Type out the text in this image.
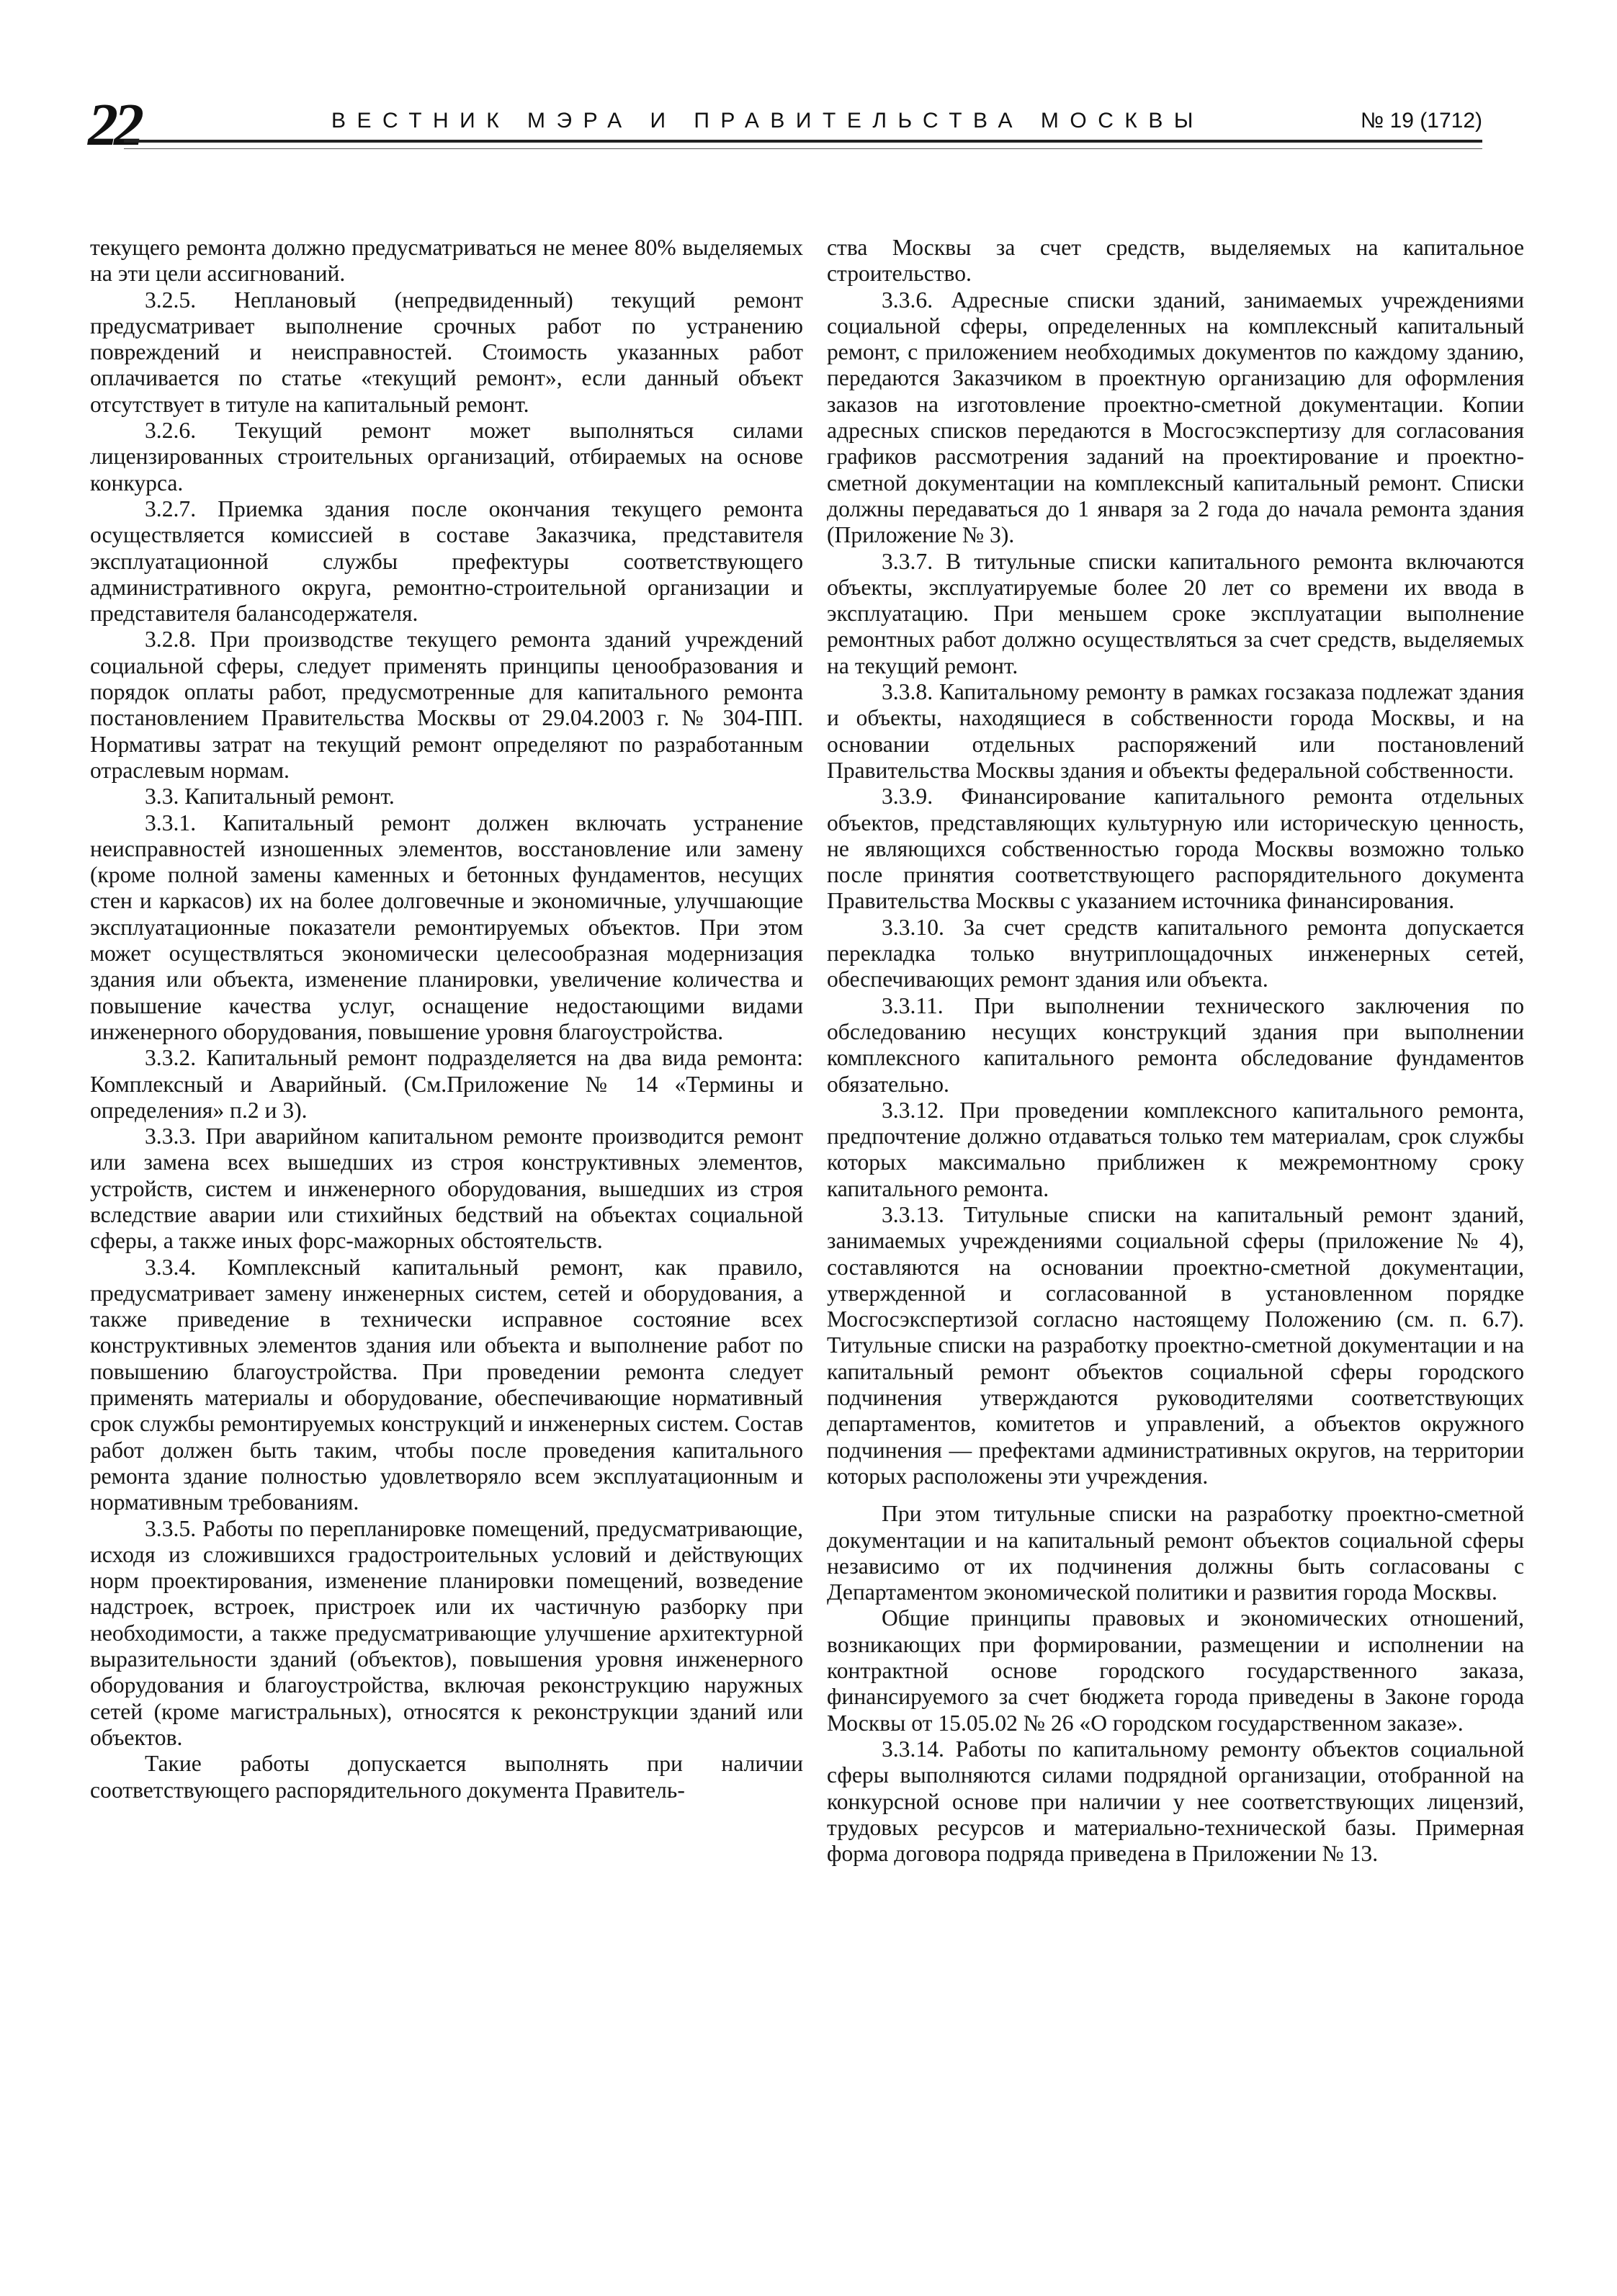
22	ВЕСТНИК МЭРА И ПРАВИТЕЛЬСТВА МОСКВЫ	№ 19 (1712)

текущего ремонта должно предусматриваться не менее 80% выделяемых на эти цели ассигнований.

3.2.5. Неплановый (непредвиденный) текущий ремонт предусматривает выполнение срочных работ по устранению повреждений и неисправностей. Стоимость указанных работ оплачивается по статье «текущий ремонт», если данный объект отсутствует в титуле на капитальный ремонт.

3.2.6. Текущий ремонт может выполняться силами лицензированных строительных организаций, отбираемых на основе конкурса.

3.2.7. Приемка здания после окончания текущего ремонта осуществляется комиссией в составе Заказчика, представителя эксплуатационной службы префектуры соответствующего административного округа, ремонтно-строительной организации и представителя балансодержателя.

3.2.8. При производстве текущего ремонта зданий учреждений социальной сферы, следует применять принципы ценообразования и порядок оплаты работ, предусмотренные для капитального ремонта постановлением Правительства Москвы от 29.04.2003 г. № 304-ПП. Нормативы затрат на текущий ремонт определяют по разработанным отраслевым нормам.

3.3. Капитальный ремонт.

3.3.1. Капитальный ремонт должен включать устранение неисправностей изношенных элементов, восстановление или замену (кроме полной замены каменных и бетонных фундаментов, несущих стен и каркасов) их на более долговечные и экономичные, улучшающие эксплуатационные показатели ремонтируемых объектов. При этом может осуществляться экономически целесообразная модернизация здания или объекта, изменение планировки, увеличение количества и повышение качества услуг, оснащение недостающими видами инженерного оборудования, повышение уровня благоустройства.

3.3.2. Капитальный ремонт подразделяется на два вида ремонта: Комплексный и Аварийный. (См.Приложение № 14 «Термины и определения» п.2 и 3).

3.3.3. При аварийном капитальном ремонте производится ремонт или замена всех вышедших из строя конструктивных элементов, устройств, систем и инженерного оборудования, вышедших из строя вследствие аварии или стихийных бедствий на объектах социальной сферы, а также иных форс-мажорных обстоятельств.

3.3.4. Комплексный капитальный ремонт, как правило, предусматривает замену инженерных систем, сетей и оборудования, а также приведение в технически исправное состояние всех конструктивных элементов здания или объекта и выполнение работ по повышению благоустройства. При проведении ремонта следует применять материалы и оборудование, обеспечивающие нормативный срок службы ремонтируемых конструкций и инженерных систем. Состав работ должен быть таким, чтобы после проведения капитального ремонта здание полностью удовлетворяло всем эксплуатационным и нормативным требованиям.

3.3.5. Работы по перепланировке помещений, предусматривающие, исходя из сложившихся градостроительных условий и действующих норм проектирования, изменение планировки помещений, возведение надстроек, встроек, пристроек или их частичную разборку при необходимости, а также предусматривающие улучшение архитектурной выразительности зданий (объектов), повышения уровня инженерного оборудования и благоустройства, включая реконструкцию наружных сетей (кроме магистральных), относятся к реконструкции зданий или объектов.

Такие работы допускается выполнять при наличии соответствующего распорядительного документа Правитель-

ства Москвы за счет средств, выделяемых на капитальное строительство.

3.3.6. Адресные списки зданий, занимаемых учреждениями социальной сферы, определенных на комплексный капитальный ремонт, с приложением необходимых документов по каждому зданию, передаются Заказчиком в проектную организацию для оформления заказов на изготовление проектно-сметной документации. Копии адресных списков передаются в Мосгосэкспертизу для согласования графиков рассмотрения заданий на проектирование и проектно-сметной документации на комплексный капитальный ремонт. Списки должны передаваться до 1 января за 2 года до начала ремонта здания (Приложение № 3).

3.3.7. В титульные списки капитального ремонта включаются объекты, эксплуатируемые более 20 лет со времени их ввода в эксплуатацию. При меньшем сроке эксплуатации выполнение ремонтных работ должно осуществляться за счет средств, выделяемых на текущий ремонт.

3.3.8. Капитальному ремонту в рамках госзаказа подлежат здания и объекты, находящиеся в собственности города Москвы, и на основании отдельных распоряжений или постановлений Правительства Москвы здания и объекты федеральной собственности.

3.3.9. Финансирование капитального ремонта отдельных объектов, представляющих культурную или историческую ценность, не являющихся собственностью города Москвы возможно только после принятия соответствующего распорядительного документа Правительства Москвы с указанием источника финансирования.

3.3.10. За счет средств капитального ремонта допускается перекладка только внутриплощадочных инженерных сетей, обеспечивающих ремонт здания или объекта.

3.3.11. При выполнении технического заключения по обследованию несущих конструкций здания при выполнении комплексного капитального ремонта обследование фундаментов обязательно.

3.3.12. При проведении комплексного капитального ремонта, предпочтение должно отдаваться только тем материалам, срок службы которых максимально приближен к межремонтному сроку капитального ремонта.

3.3.13. Титульные списки на капитальный ремонт зданий, занимаемых учреждениями социальной сферы (приложение № 4), составляются на основании проектно-сметной документации, утвержденной и согласованной в установленном порядке Мосгосэкспертизой согласно настоящему Положению (см. п. 6.7). Титульные списки на разработку проектно-сметной документации и на капитальный ремонт объектов социальной сферы городского подчинения утверждаются руководителями соответствующих департаментов, комитетов и управлений, а объектов окружного подчинения — префектами административных округов, на территории которых расположены эти учреждения.

При этом титульные списки на разработку проектно-сметной документации и на капитальный ремонт объектов социальной сферы независимо от их подчинения должны быть согласованы с Департаментом экономической политики и развития города Москвы.

Общие принципы правовых и экономических отношений, возникающих при формировании, размещении и исполнении на контрактной основе городского государственного заказа, финансируемого за счет бюджета города приведены в Законе города Москвы от 15.05.02 № 26 «О городском государственном заказе».

3.3.14. Работы по капитальному ремонту объектов социальной сферы выполняются силами подрядной организации, отобранной на конкурсной основе при наличии у нее соответствующих лицензий, трудовых ресурсов и материально-технической базы. Примерная форма договора подряда приведена в Приложении № 13.
